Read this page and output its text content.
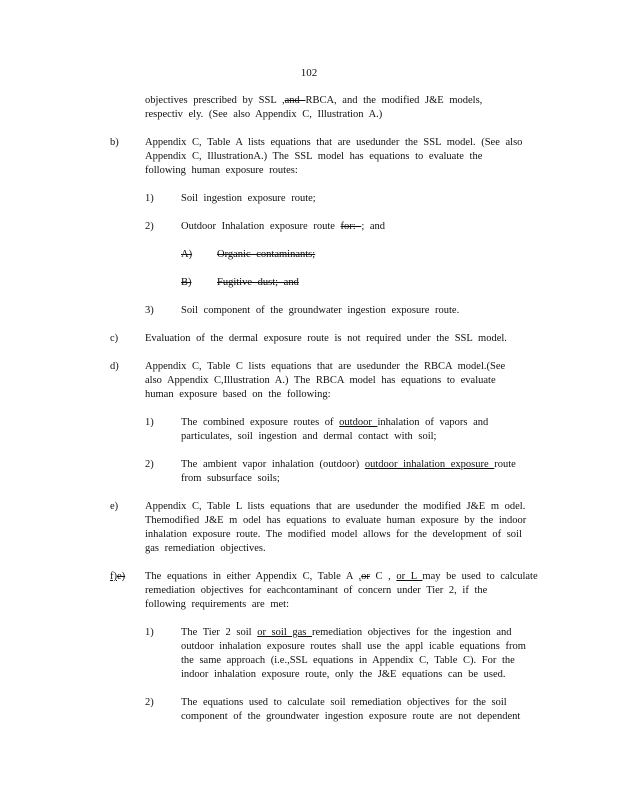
102
objectives prescribed by SSL ,and RBCA, and the modified J&E models,
respectiv ely. (See also Appendix C, Illustration A.)
b)	Appendix C, Table A lists equations that are usedunder the SSL model. (See also
Appendix C, IllustrationA.) The SSL model has equations to evaluate the
following human exposure routes:
1)	Soil ingestion exposure route;
2)	Outdoor Inhalation exposure route for: ; and
A) Organic contaminants;
B) Fugitive dust; and
3)	Soil component of the groundwater ingestion exposure route.
c)	Evaluation of the dermal exposure route is not required under the SSL model.
d)	Appendix C, Table C lists equations that are usedunder the RBCA model.(See
also Appendix C,Illustration A.) The RBCA model has equations to evaluate
human exposure based on the following:
1)	The combined exposure routes of outdoor inhalation of vapors and
particulates, soil ingestion and dermal contact with soil;
2)	The ambient vapor inhalation (outdoor) outdoor inhalation exposure route
from subsurface soils;
e)	Appendix C, Table L lists equations that are usedunder the modified J&E m odel.
Themodified J&E m odel has equations to evaluate human exposure by the indoor
inhalation exposure route. The modified model allows for the development of soil
gas remediation objectives.
f)e) The equations in either Appendix C, Table A ,or C , or L may be used to calculate
remediation objectives for eachcontaminant of concern under Tier 2, if the
following requirements are met:
1)	The Tier 2 soil or soil gas remediation objectives for the ingestion and
outdoor inhalation exposure routes shall use the appl icable equations from
the same approach (i.e.,SSL equations in Appendix C, Table C). For the
indoor inhalation exposure route, only the J&E equations can be used.
2)	The equations used to calculate soil remediation objectives for the soil
component of the groundwater ingestion exposure route are not dependent
